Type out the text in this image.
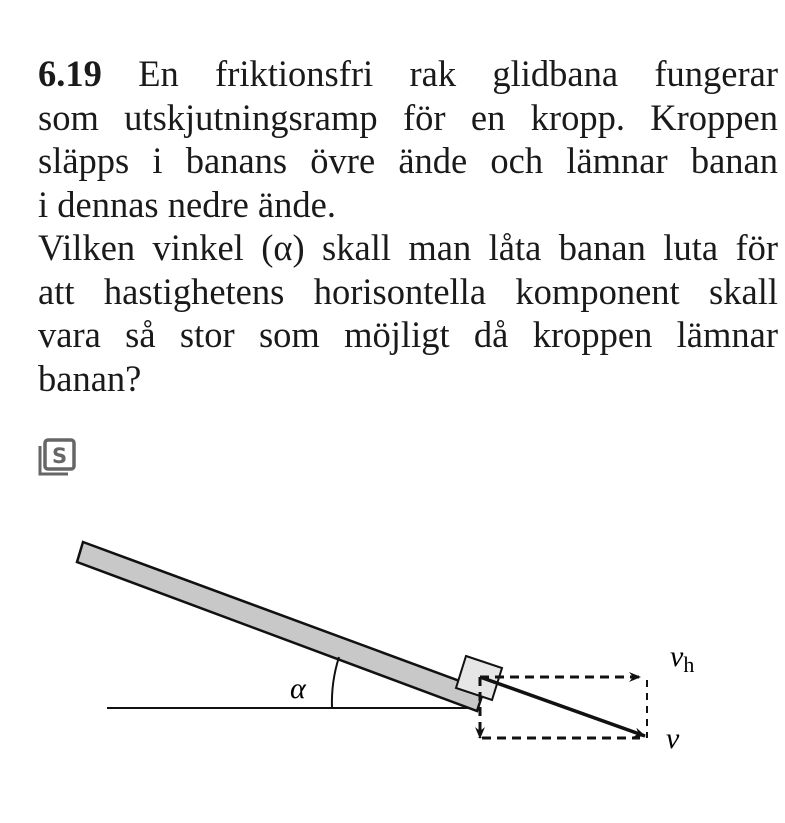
6.19 En friktionsfri rak glidbana fungerar
som utskjutningsramp för en kropp. Kroppen
släpps i banans övre ände och lämnar banan
i dennas nedre ände.
Vilken vinkel (α) skall man låta banan luta för
att hastighetens horisontella komponent skall
vara så stor som möjligt då kroppen lämnar
banan?
S
α
$v_h$
v
